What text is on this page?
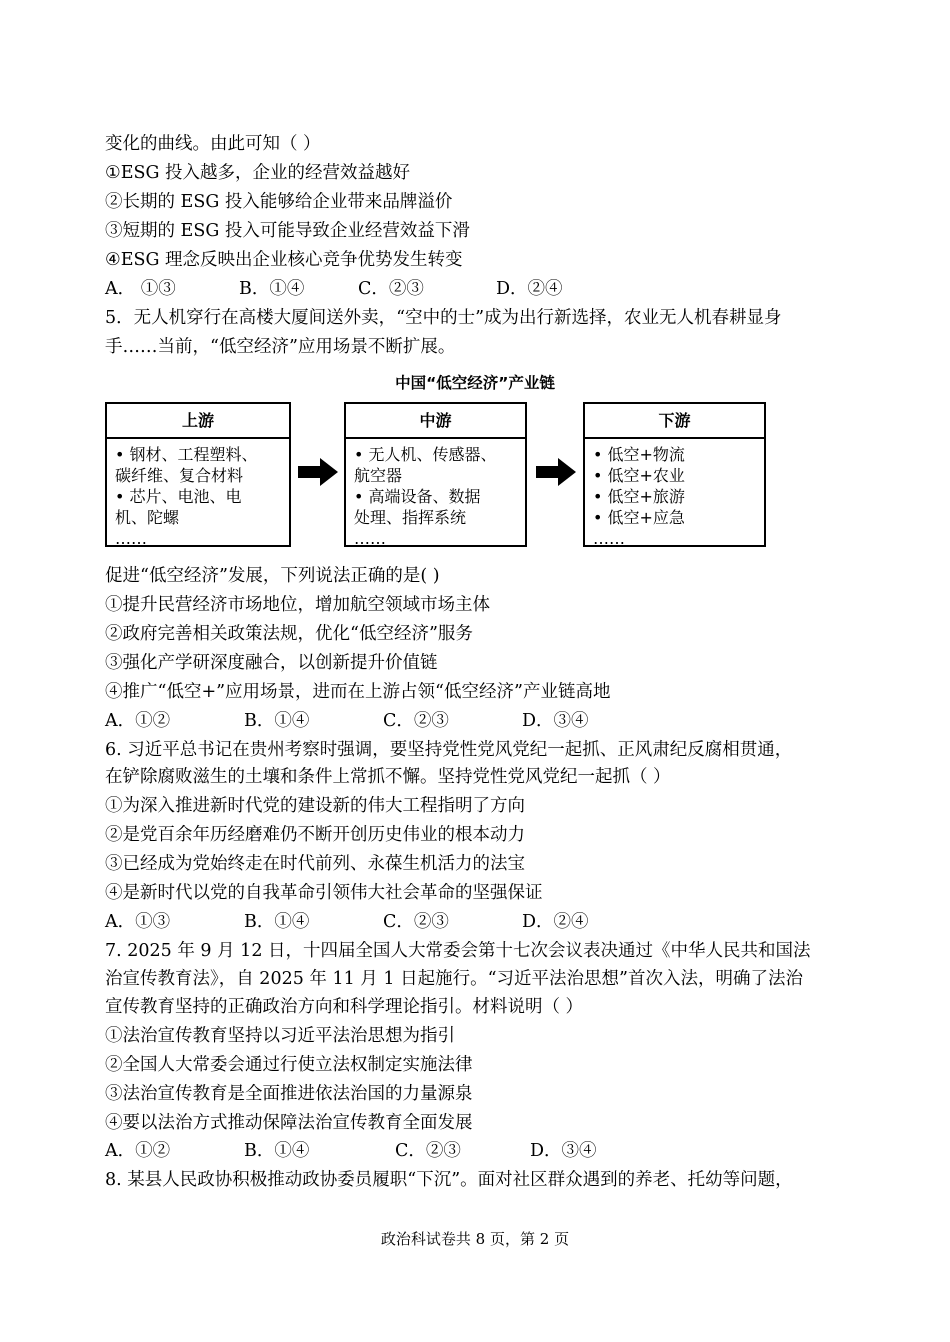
变化的曲线。由此可知（ ）
①ESG 投入越多，企业的经营效益越好
②长期的 ESG 投入能够给企业带来品牌溢价
③短期的 ESG 投入可能导致企业经营效益下滑
④ESG 理念反映出企业核心竞争优势发生转变
A． ①③	B．①④	C．②③	D．②④
5．无人机穿行在高楼大厦间送外卖，“空中的士”成为出行新选择，农业无人机春耕显身
手……当前，“低空经济”应用场景不断扩展。
中国“低空经济”产业链
上游
• 钢材、工程塑料、
碳纤维、复合材料
• 芯片、电池、电
机、陀螺
……
中游
• 无人机、传感器、
航空器
• 高端设备、数据
处理、指挥系统
……
下游
• 低空+物流
• 低空+农业
• 低空+旅游
• 低空+应急
……
促进“低空经济”发展，下列说法正确的是( )
①提升民营经济市场地位，增加航空领域市场主体
②政府完善相关政策法规，优化“低空经济”服务
③强化产学研深度融合，以创新提升价值链
④推广“低空+”应用场景，进而在上游占领“低空经济”产业链高地
A．①②	B．①④	C．②③	D．③④
6. 习近平总书记在贵州考察时强调，要坚持党性党风党纪一起抓、正风肃纪反腐相贯通，
在铲除腐败滋生的土壤和条件上常抓不懈。坚持党性党风党纪一起抓（ ）
①为深入推进新时代党的建设新的伟大工程指明了方向
②是党百余年历经磨难仍不断开创历史伟业的根本动力
③已经成为党始终走在时代前列、永葆生机活力的法宝
④是新时代以党的自我革命引领伟大社会革命的坚强保证
A．①③	B．①④	C．②③	D．②④
7. 2025 年 9 月 12 日，十四届全国人大常委会第十七次会议表决通过《中华人民共和国法
治宣传教育法》，自 2025 年 11 月 1 日起施行。“习近平法治思想”首次入法，明确了法治
宣传教育坚持的正确政治方向和科学理论指引。材料说明（ ）
①法治宣传教育坚持以习近平法治思想为指引
②全国人大常委会通过行使立法权制定实施法律
③法治宣传教育是全面推进依法治国的力量源泉
④要以法治方式推动保障法治宣传教育全面发展
A．①②	B．①④	C．②③	D．③④
8. 某县人民政协积极推动政协委员履职“下沉”。面对社区群众遇到的养老、托幼等问题，
政治科试卷共 8 页，第 2 页
